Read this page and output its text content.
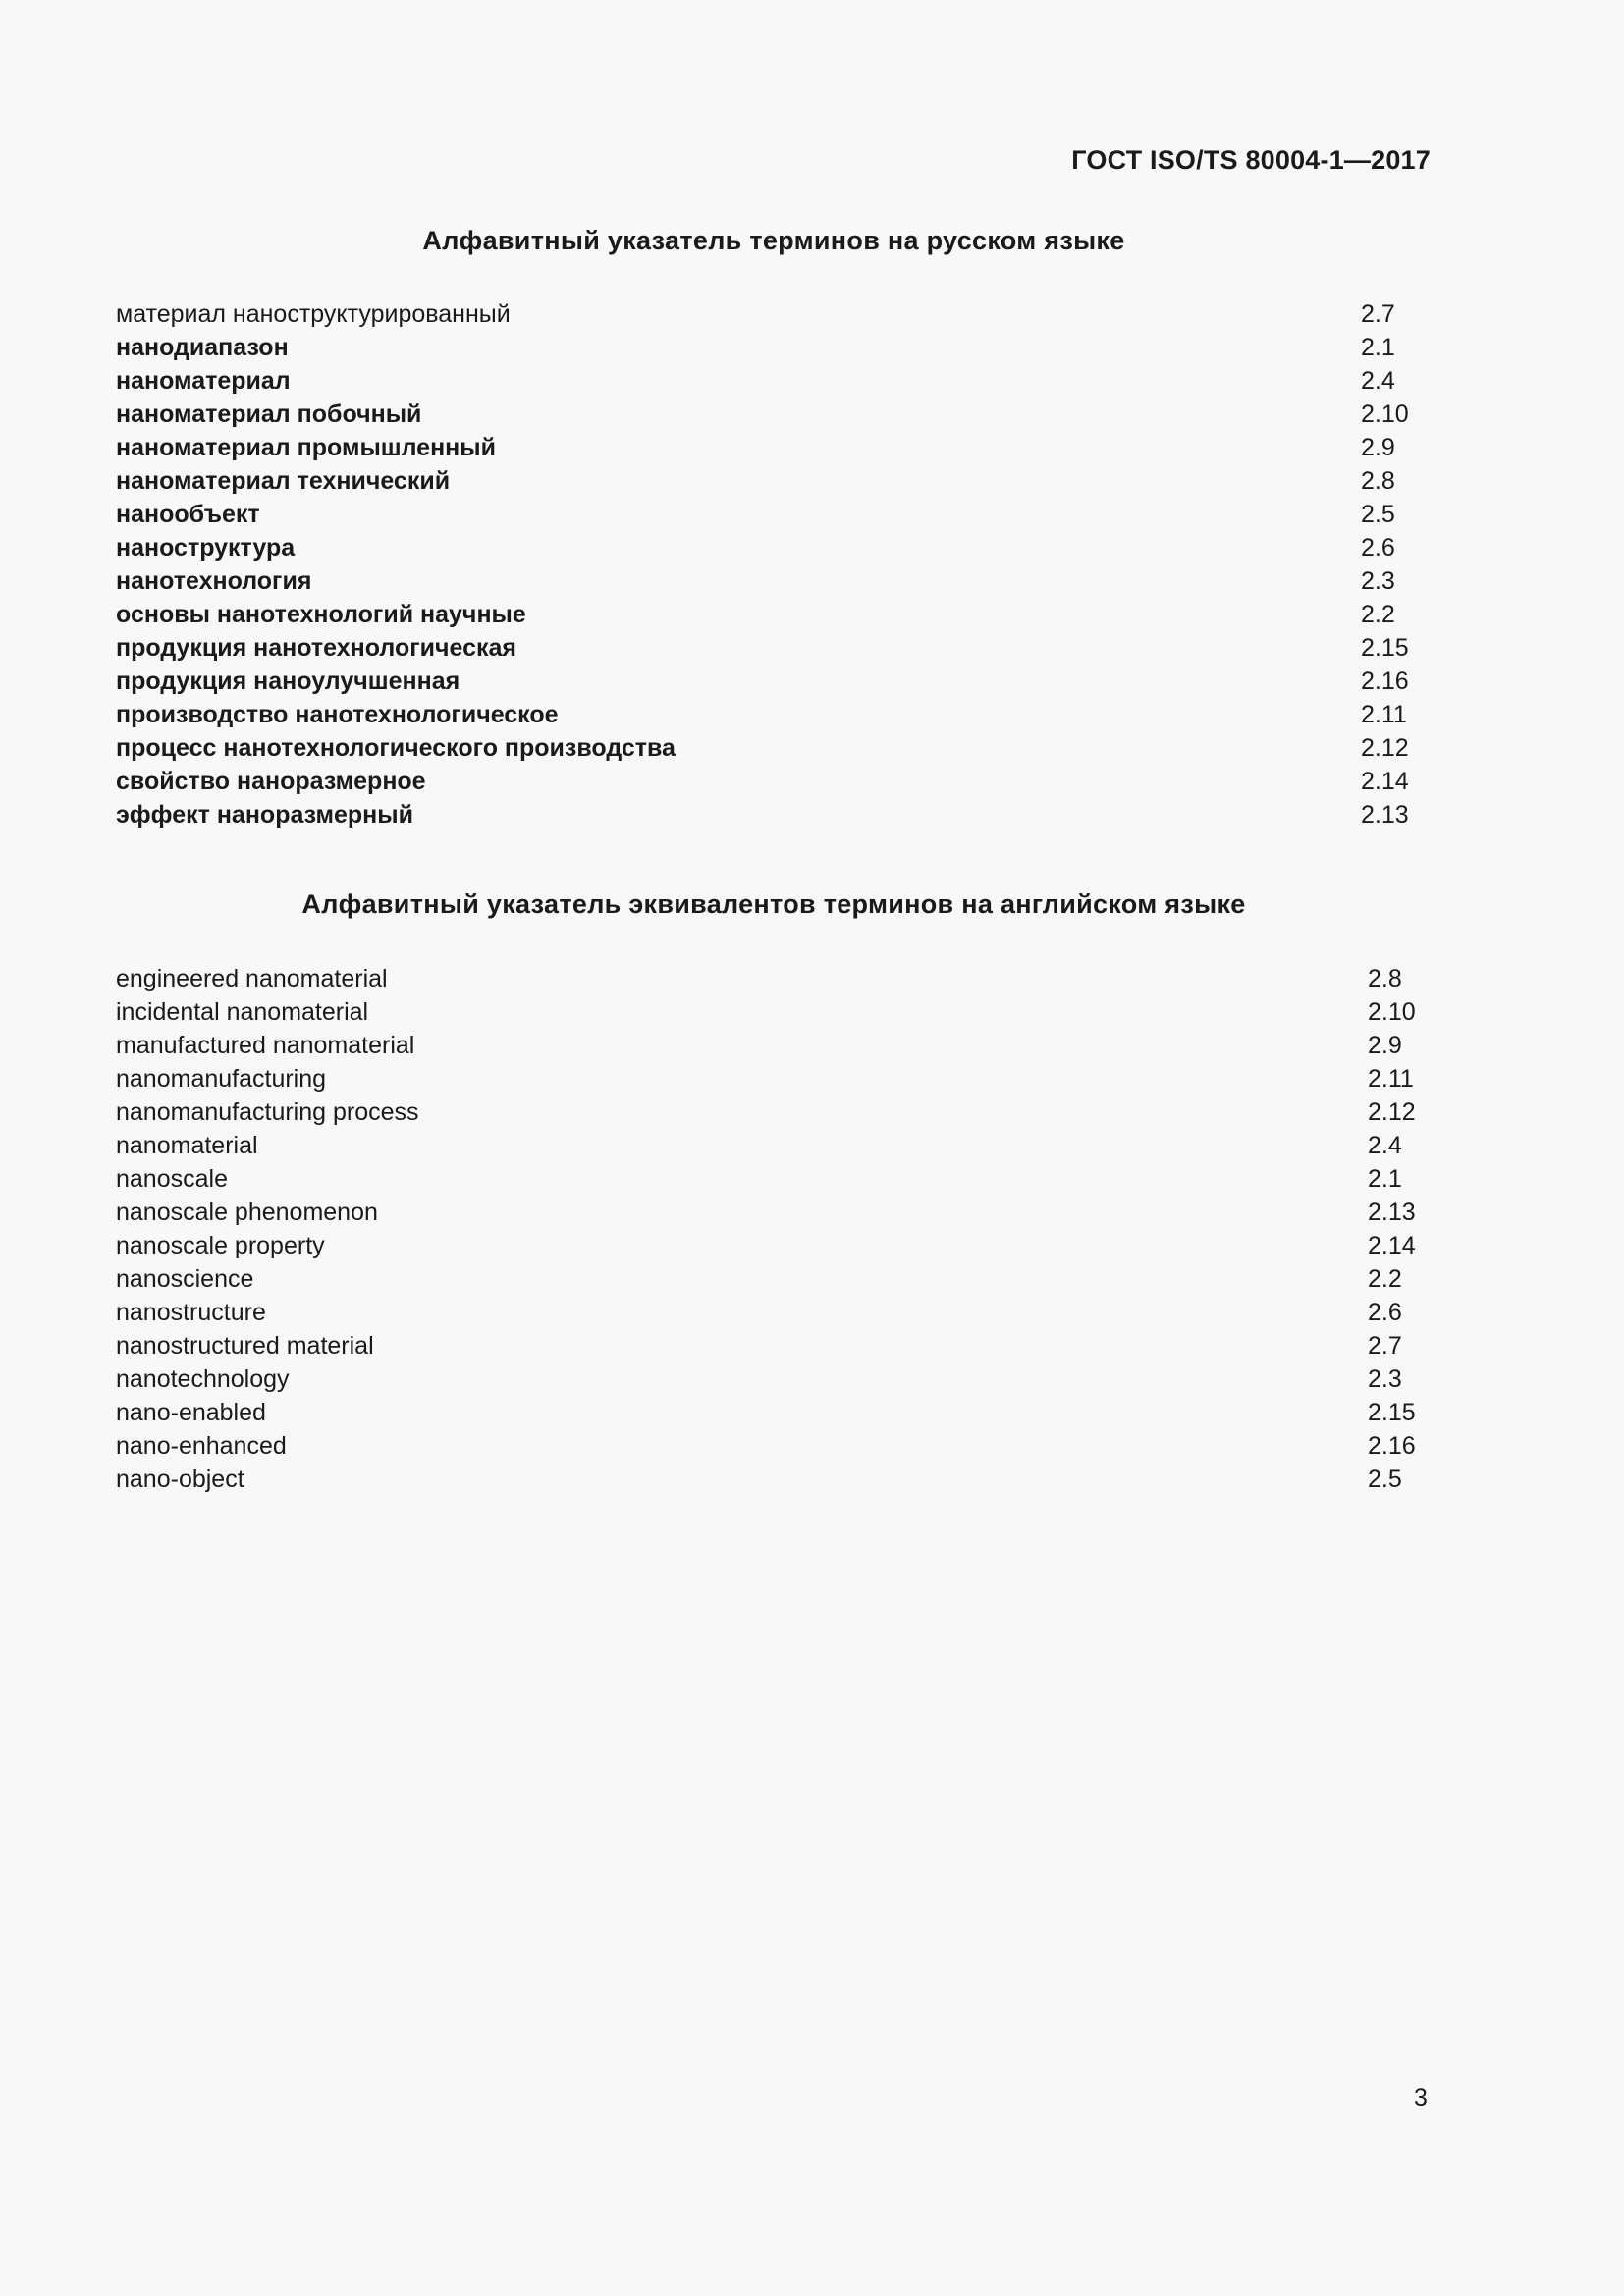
ГОСТ ISO/TS 80004-1—2017
Алфавитный указатель терминов на русском языке
материал наноструктурированный	2.7
нанодиапазон	2.1
наноматериал	2.4
наноматериал побочный	2.10
наноматериал промышленный	2.9
наноматериал технический	2.8
нанообъект	2.5
наноструктура	2.6
нанотехнология	2.3
основы нанотехнологий научные	2.2
продукция нанотехнологическая	2.15
продукция наноулучшенная	2.16
производство нанотехнологическое	2.11
процесс нанотехнологического производства	2.12
свойство наноразмерное	2.14
эффект наноразмерный	2.13
Алфавитный указатель эквивалентов терминов на английском языке
engineered nanomaterial	2.8
incidental nanomaterial	2.10
manufactured nanomaterial	2.9
nanomanufacturing	2.11
nanomanufacturing process	2.12
nanomaterial	2.4
nanoscale	2.1
nanoscale phenomenon	2.13
nanoscale property	2.14
nanoscience	2.2
nanostructure	2.6
nanostructured material	2.7
nanotechnology	2.3
nano-enabled	2.15
nano-enhanced	2.16
nano-object	2.5
3
